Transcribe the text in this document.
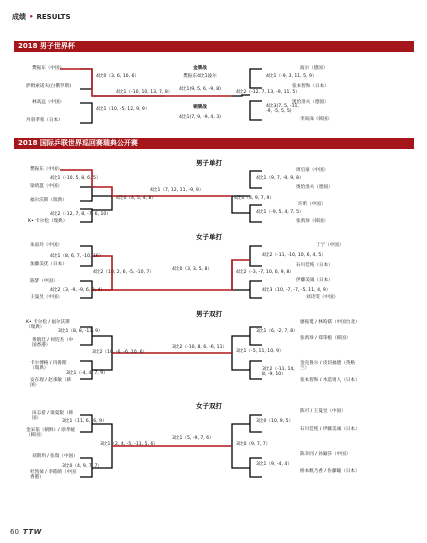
成绩 • RESULTS
2018 男子世界杯
樊振东（中国）
萨姆索诺夫(白俄罗斯)
林高远（中国）
丹羽孝希（日本）
4比0（3, 6, 10, 6）
4比1（10, -5, 12, 9, 9）
4比1（-10, 10, 13, 7, 8）
金牌战
樊振东4比1波尔
4比1(9, 5, 6, -9, 8)
铜牌战
4比1(7, 9, -9, 4, 3)
波尔（德国）
张本智和（日本）
奥恰洛夫（德国）
李尚洙（韩国）
4比1（-9, 3, 11, 5, 9）
4比3(7, 5, -11, -9, -5, 5, 5)
4比2（-12, 7, 13, -9, 11, 5）
2018 国际乒联世界巡回赛瑞典公开赛
男子单打
樊振东（中国）
梁靖崑（中国）
福尔沃斯（瑞典）
K• 卡尔松（瑞典）
4比1（-10, 5, 8, 6, 5）
4比2（-12, 7, 8, -7, 6, 10）
4比0（4, 5, 4, 8）
4比1（7, 12, 11, -9, 9）
周启豪（中国）
奥恰洛夫（德国）
许昕（中国）
张禹珍（韩国）
4比1（9, 7, -9, 9, 8）
4比1（-9, 5, 4, 7, 5）
4比0（4, 9, 7, 9）
女子单打
朱雨玲（中国）
加藤美优（日本）
陈梦（中国）
王曼昱（中国）
4比1（8, 6, 7, -10, 16）
4比2（3, -9, -9, 6, 9, 4）
4比2（10, 2, 6, -5, -10, 7）
4比0（3, 3, 5, 8）
丁宁（中国）
石川佳纯（日本）
伊藤美诚（日本）
刘诗雯（中国）
4比2（-11, -10, 10, 6, 4, 5）
4比3（10, -7, -7, -5, 11, 4, 9）
4比2（-3, -7, 10, 6, 9, 8）
男子双打
K• 卡尔松 / 福尔沃斯（瑞典）
黄镇廷 / 何钧杰（中国香港）
卡尔博格 / 玛鲁斯（瑞典）
安在现 / 赵承敏（韩国）
3比1（8, 8, -13, 9）
3比1（-4, 4, 7, 9）
3比2（10, -6, -6, 10, 6）
3比2（-10, 8, 6, -6, 11）
廖振珽 / 林昀儒（中国台北）
张禹珍 / 郑荣植（韩国）
金克鲁尔 / 皮切福德（英格兰）
张本智和 / 木造勇人（日本）
3比1（6, -2, 7, 8）
3比2（-11, 14, 8, -9, 10）
3比1（-5, 11, 10, 9）
女子双打
田志希 / 梁夏银（韩国）
金宋依（朝鲜）/ 徐孝媛（韩国）
刘斯玥 / 张瑞（中国）
杜凯琹 / 李皓晴（中国香港）
3比1（11, 6, -6, 9）
3比0（4, 9, 7, 7）
3比1（2, 4, -5, -11, 5, 6）
3比1（5, -9, 7, 6）
陈可 / 王曼昱（中国）
石川佳纯 / 伊藤美诚（日本）
陈幸同 / 孙颖莎（中国）
桥本帆乃香 / 佐藤瞳（日本）
3比0（10, 9, 5）
3比1（9, -4, 4）
3比0（9, 7, 7）
60 TTW
